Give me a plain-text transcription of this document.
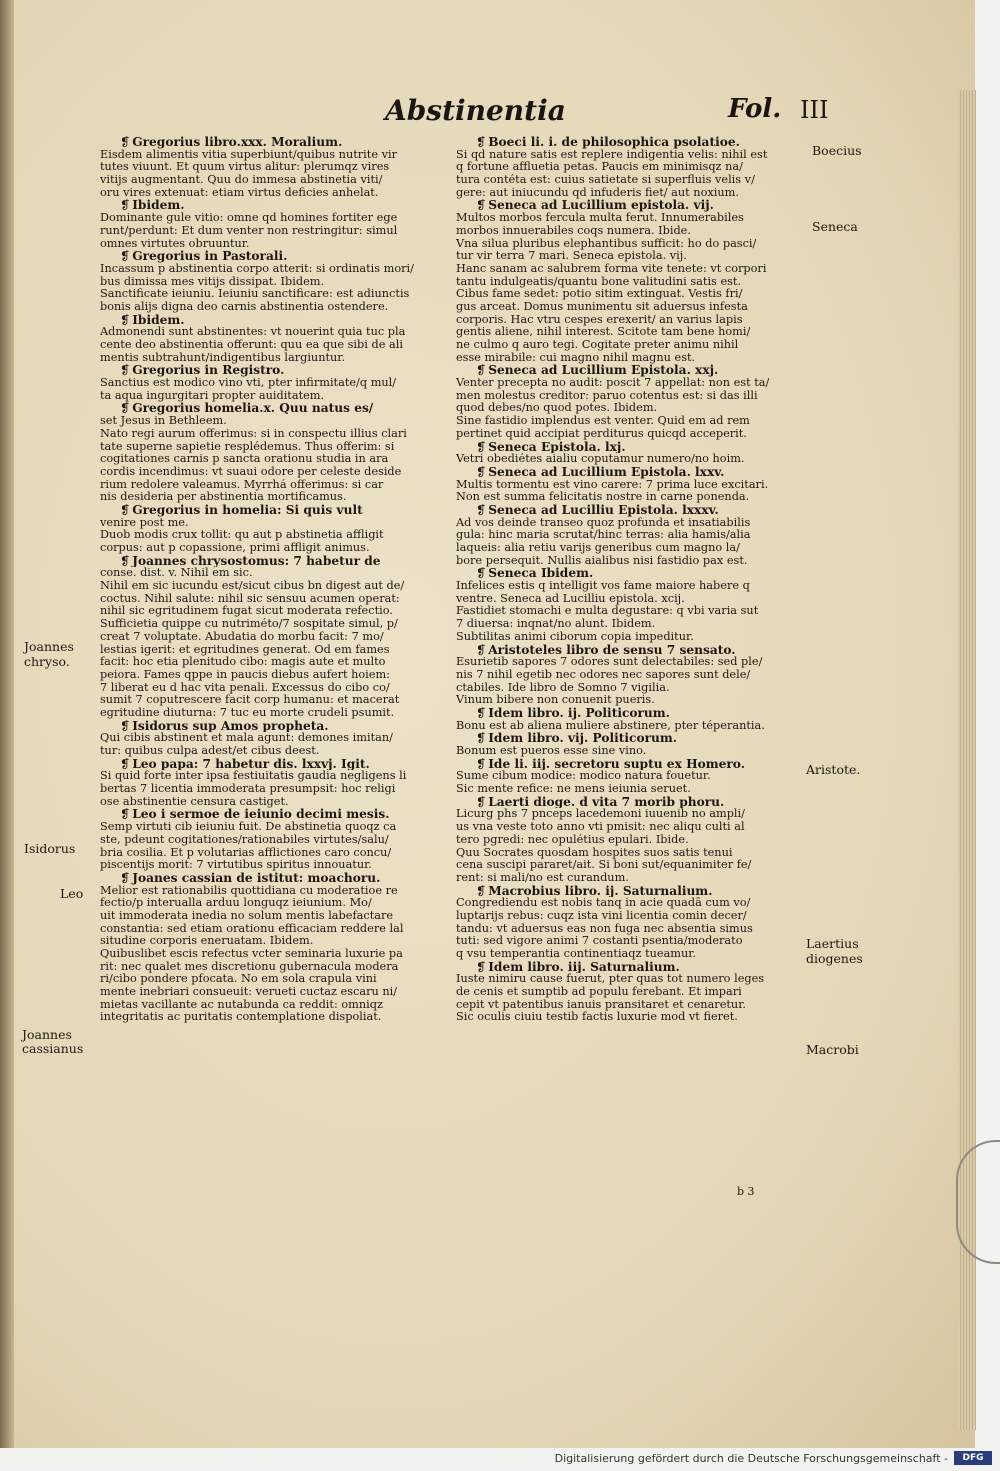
Abstinentia	Fol. III
❡ Gregorius libro.xxx. Moralium.
Eisdem alimentis vitia superbiunt/quibus nutrite vir
tutes viuunt. Et quum virtus alitur: plerumqz vires
vitijs augmentant. Quu do immesa abstinetia viti/
oru vires extenuat: etiam virtus deficies anhelat.
❡ Ibidem.
Dominante gule vitio: omne qd homines fortiter ege
runt/perdunt: Et dum venter non restringitur: simul
omnes virtutes obruuntur.
❡ Gregorius in Pastorali.
Incassum p abstinentia corpo atterit: si ordinatis mori/
bus dimissa mes vitijs dissipat. Ibidem.
Sanctificate ieiuniu. Ieiuniu sanctificare: est adiunctis
bonis alijs digna deo carnis abstinentia ostendere.
❡ Ibidem.
Admonendi sunt abstinentes: vt nouerint quia tuc pla
cente deo abstinentia offerunt: quu ea que sibi de ali
mentis subtrahunt/indigentibus largiuntur.
❡ Gregorius in Registro.
Sanctius est modico vino vti, pter infirmitate/q mul/
ta aqua ingurgitari propter auiditatem.
❡ Gregorius homelia.x. Quu natus es/
set Jesus in Bethleem.
Nato regi aurum offerimus: si in conspectu illius clari
tate superne sapietie resplédemus. Thus offerim: si
cogitationes carnis p sancta orationu studia in ara
cordis incendimus: vt suaui odore per celeste deside
rium redolere valeamus. Myrrhá offerimus: si car
nis desideria per abstinentia mortificamus.
❡ Gregorius in homelia: Si quis vult
venire post me.
Duob modis crux tollit: qu aut p abstinetia affligit
corpus: aut p copassione, primi affligit animus.
❡ Joannes chrysostomus: 7 habetur de
conse. dist. v. Nihil em sic.
Nihil em sic iucundu est/sicut cibus bn digest aut de/
coctus. Nihil salute: nihil sic sensuu acumen operat:
nihil sic egritudinem fugat sicut moderata refectio.
Sufficietia quippe cu nutriméto/7 sospitate simul, p/
creat 7 voluptate. Abudatia do morbu facit: 7 mo/
lestias igerit: et egritudines generat. Od em fames
facit: hoc etia plenitudo cibo: magis aute et multo
peiora. Fames qppe in paucis diebus aufert hoiem:
7 liberat eu d hac vita penali. Excessus do cibo co/
sumit 7 coputrescere facit corp humanu: et macerat
egritudine diuturna: 7 tuc eu morte crudeli psumit.
❡ Isidorus sup Amos propheta.
Qui cibis abstinent et mala agunt: demones imitan/
tur: quibus culpa adest/et cibus deest.
❡ Leo papa: 7 habetur dis. lxxvj. Igit.
Si quid forte inter ipsa festiuitatis gaudia negligens li
bertas 7 licentia immoderata presumpsit: hoc religi
ose abstinentie censura castiget.
❡ Leo i sermoe de ieiunio decimi mesis.
Semp virtuti cib ieiuniu fuit. De abstinetia quoqz ca
ste, pdeunt cogitationes/rationabiles virtutes/salu/
bria cosilia. Et p volutarias afflictiones caro concu/
piscentijs morit: 7 virtutibus spiritus innouatur.
❡ Joanes cassian de istitut: moachoru.
Melior est rationabilis quottidiana cu moderatioe re
fectio/p interualla arduu longuqz ieiunium. Mo/
uit immoderata inedia no solum mentis labefactare
constantia: sed etiam orationu efficaciam reddere lal
situdine corporis eneruatam. Ibidem.
Quibuslibet escis refectus vcter seminaria luxurie pa
rit: nec qualet mes discretionu gubernacula modera
ri/cibo pondere pfocata. No em sola crapula vini
mente inebriari consueuit: verueti cuctaz escaru ni/
mietas vacillante ac nutabunda ca reddit: omniqz
integritatis ac puritatis contemplatione dispoliat.
❡ Boeci li. i. de philosophica psolatioe.
Si qd nature satis est replere indigentia velis: nihil est
q fortune affluetia petas. Paucis em minimisqz na/
tura contéta est: cuius satietate si superfluis velis v/
gere: aut iniucundu qd infuderis fiet/ aut noxium.
❡ Seneca ad Lucillium epistola. vij.
Multos morbos fercula multa ferut. Innumerabiles
morbos innuerabiles coqs numera. Ibide.
Vna silua pluribus elephantibus sufficit: ho do pasci/
tur vir terra 7 mari. Seneca epistola. vij.
Hanc sanam ac salubrem forma vite tenete: vt corpori
tantu indulgeatis/quantu bone valitudini satis est.
Cibus fame sedet: potio sitim extinguat. Vestis fri/
gus arceat. Domus munimentu sit aduersus infesta
corporis. Hac vtru cespes erexerit/ an varius lapis
gentis aliene, nihil interest. Scitote tam bene homi/
ne culmo q auro tegi. Cogitate preter animu nihil
esse mirabile: cui magno nihil magnu est.
❡ Seneca ad Lucillium Epistola. xxj.
Venter precepta no audit: poscit 7 appellat: non est ta/
men molestus creditor: paruo cotentus est: si das illi
quod debes/no quod potes. Ibidem.
Sine fastidio implendus est venter. Quid em ad rem
pertinet quid accipiat perditurus quicqd acceperit.
❡ Seneca Epistola. lxj.
Vetri obediétes aialiu coputamur numero/no hoim.
❡ Seneca ad Lucillium Epistola. lxxv.
Multis tormentu est vino carere: 7 prima luce excitari.
Non est summa felicitatis nostre in carne ponenda.
❡ Seneca ad Lucilliu Epistola. lxxxv.
Ad vos deinde transeo quoz profunda et insatiabilis
gula: hinc maria scrutat/hinc terras: alia hamis/alia
laqueis: alia retiu varijs generibus cum magno la/
bore persequit. Nullis aialibus nisi fastidio pax est.
❡ Seneca Ibidem.
Infelices estis q intelligit vos fame maiore habere q
ventre. Seneca ad Lucilliu epistola. xcij.
Fastidiet stomachi e multa degustare: q vbi varia sut
7 diuersa: inqnat/no alunt. Ibidem.
Subtilitas animi ciborum copia impeditur.
❡ Aristoteles libro de sensu 7 sensato.
Esurietib sapores 7 odores sunt delectabiles: sed ple/
nis 7 nihil egetib nec odores nec sapores sunt dele/
ctabiles. Ide libro de Somno 7 vigilia.
Vinum bibere non conuenit pueris.
❡ Idem libro. ij. Politicorum.
Bonu est ab aliena muliere abstinere, pter téperantia.
❡ Idem libro. vij. Politicorum.
Bonum est pueros esse sine vino.
❡ Ide li. iij. secretoru suptu ex Homero.
Sume cibum modice: modico natura fouetur.
Sic mente refice: ne mens ieiunia seruet.
❡ Laerti dioge. d vita 7 morib phoru.
Licurg phs 7 pnceps lacedemoni iuuenib no ampli/
us vna veste toto anno vti pmisit: nec aliqu culti al
tero pgredi: nec opulétius epulari. Ibide.
Quu Socrates quosdam hospites suos satis tenui
cena suscipi pararet/ait. Si boni sut/equanimiter fe/
rent: si mali/no est curandum.
❡ Macrobius libro. ij. Saturnalium.
Congrediendu est nobis tanq in acie quadā cum vo/
luptarijs rebus: cuqz ista vini licentia comin decer/
tandu: vt aduersus eas non fuga nec absentia simus
tuti: sed vigore animi 7 costanti psentia/moderato
q vsu temperantia continentiaqz tueamur.
❡ Idem libro. iij. Saturnalium.
Iuste nimiru cause fuerut, pter quas tot numero leges
de cenis et sumptib ad populu ferebant. Et impari
cepit vt patentibus ianuis pransitaret et cenaretur.
Sic oculis ciuiu testib factis luxurie mod vt fieret.
Boecius
Seneca
Aristote.
Laertius
diogenes
Macrobi
Joannes
chryso.
Isidorus
Leo
Joannes
cassianus
b 3
Digitalisierung gefördert durch die Deutsche Forschungsgemeinschaft -	DFG
